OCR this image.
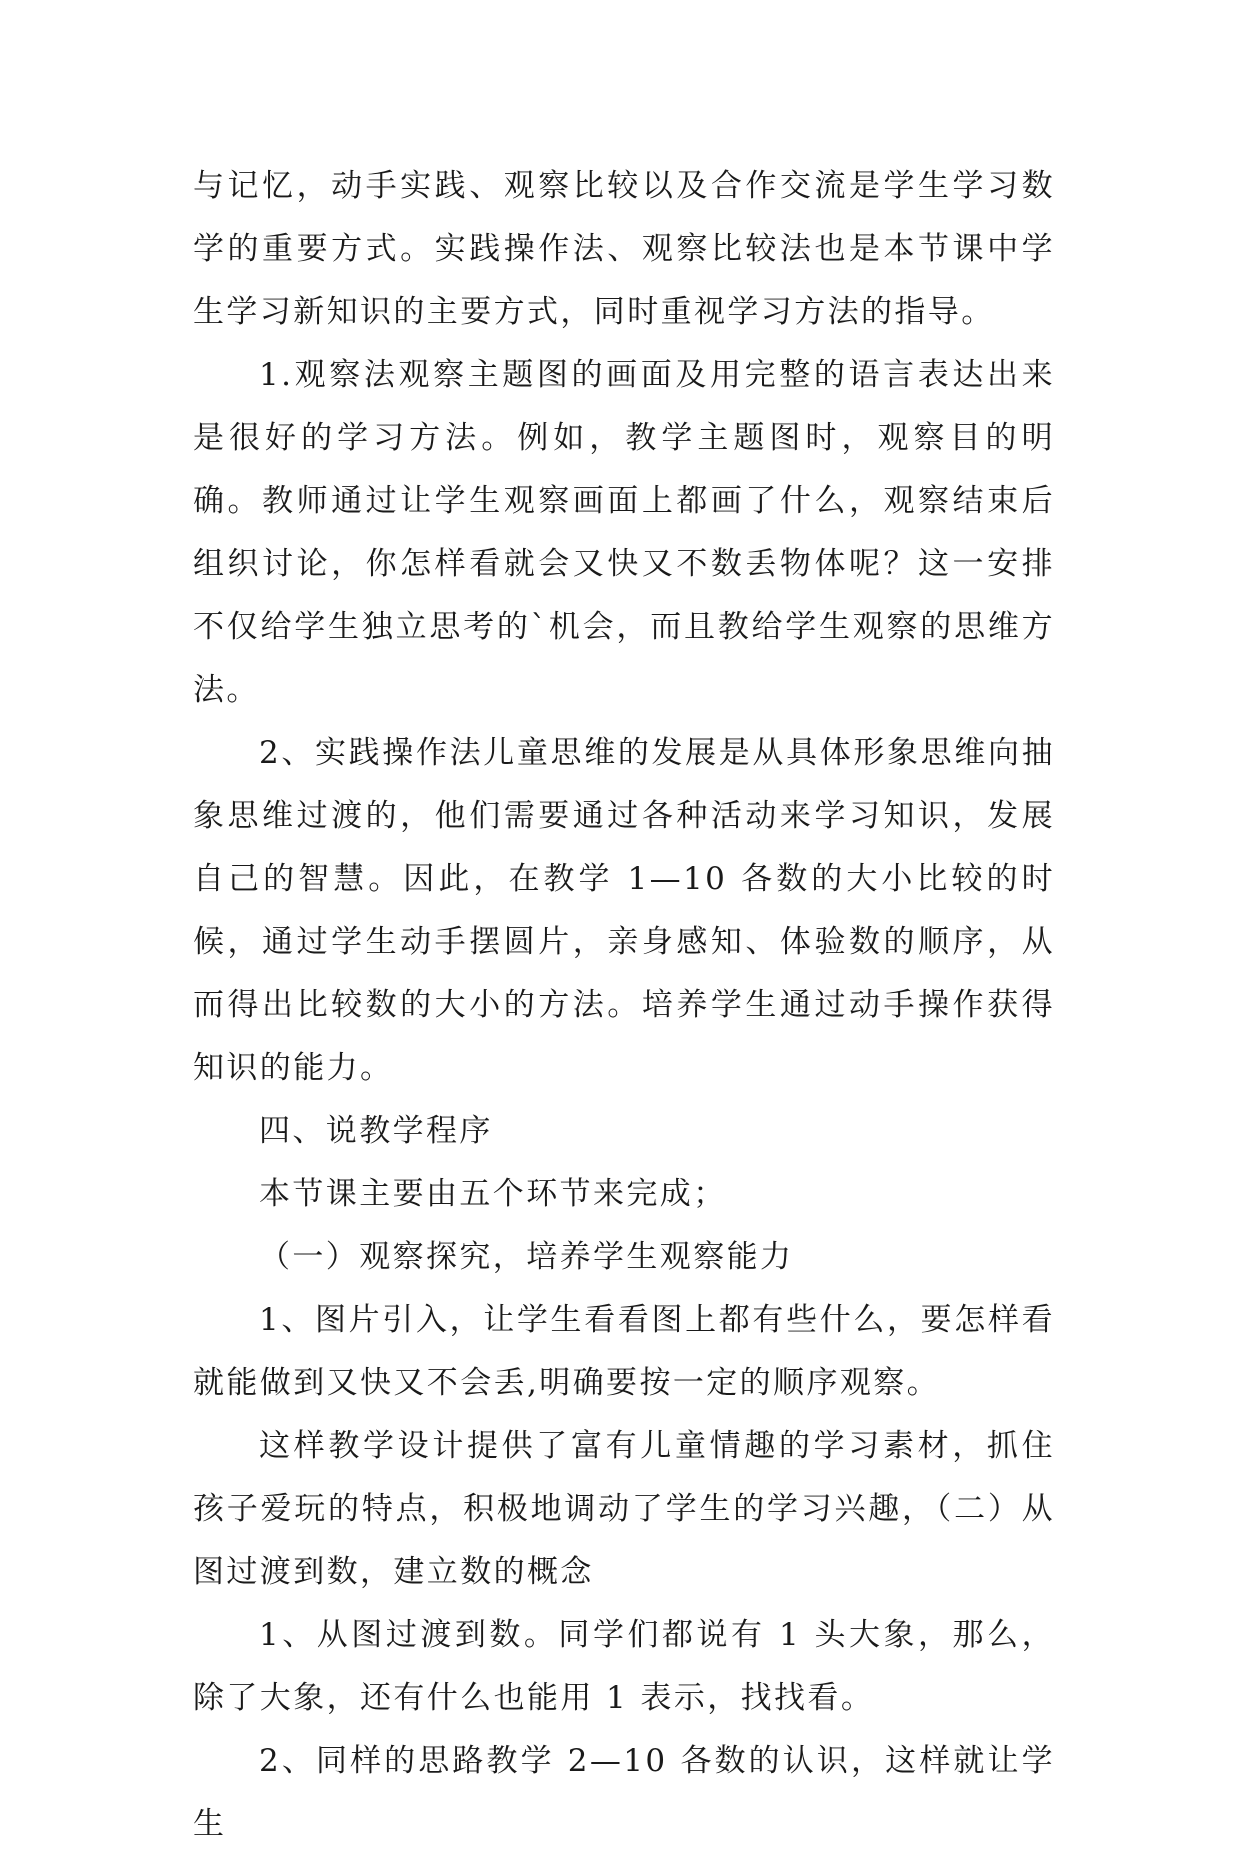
与记忆，动手实践、观察比较以及合作交流是学生学习数学的重要方式。实践操作法、观察比较法也是本节课中学生学习新知识的主要方式，同时重视学习方法的指导。

1.观察法观察主题图的画面及用完整的语言表达出来是很好的学习方法。例如，教学主题图时，观察目的明确。教师通过让学生观察画面上都画了什么，观察结束后组织讨论，你怎样看就会又快又不数丢物体呢？这一安排不仅给学生独立思考的`机会，而且教给学生观察的思维方法。

2、实践操作法儿童思维的发展是从具体形象思维向抽象思维过渡的，他们需要通过各种活动来学习知识，发展自己的智慧。因此，在教学 1—10 各数的大小比较的时候，通过学生动手摆圆片，亲身感知、体验数的顺序，从而得出比较数的大小的方法。培养学生通过动手操作获得知识的能力。

四、说教学程序

本节课主要由五个环节来完成；

（一）观察探究，培养学生观察能力

1、图片引入，让学生看看图上都有些什么，要怎样看就能做到又快又不会丢,明确要按一定的顺序观察。

这样教学设计提供了富有儿童情趣的学习素材，抓住孩子爱玩的特点，积极地调动了学生的学习兴趣，（二）从图过渡到数，建立数的概念

1、从图过渡到数。同学们都说有 1 头大象，那么，除了大象，还有什么也能用 1 表示，找找看。

2、同样的思路教学 2—10 各数的认识，这样就让学生
